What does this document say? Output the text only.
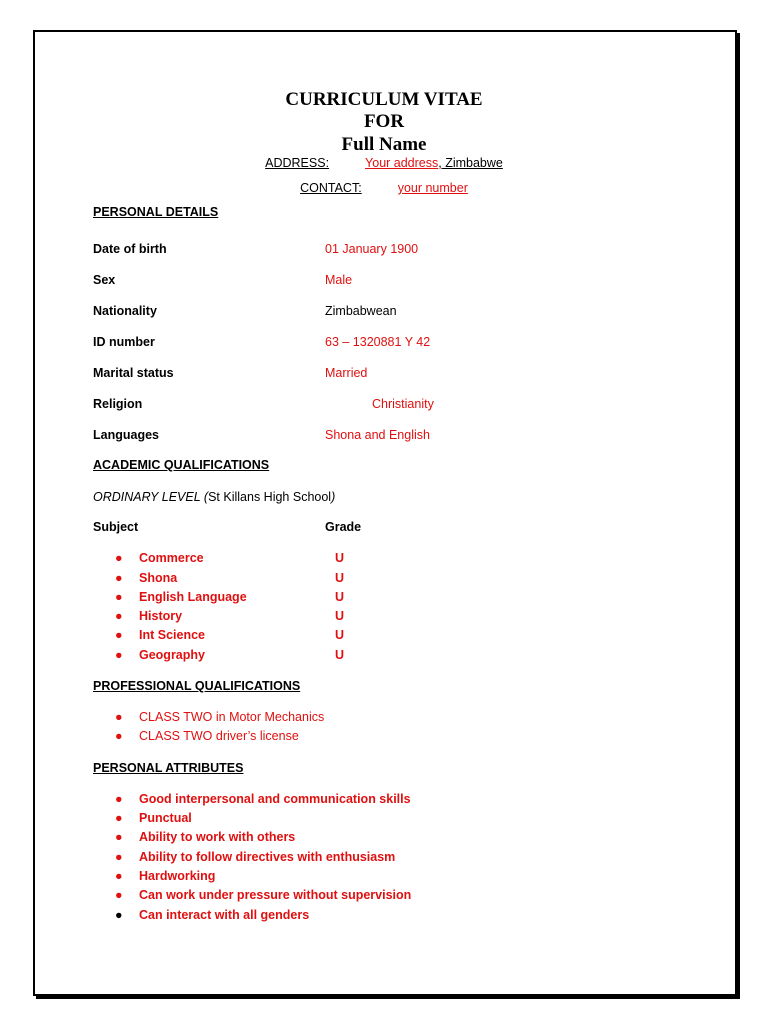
CURRICULUM VITAE
FOR
Full Name
ADDRESS:	Your address, Zimbabwe
CONTACT:	your number
PERSONAL DETAILS
Date of birth	01 January 1900
Sex	Male
Nationality	Zimbabwean
ID number	63 – 1320881 Y 42
Marital status	Married
Religion	Christianity
Languages	Shona and English
ACADEMIC QUALIFICATIONS
ORDINARY LEVEL (St Killans High School)
Subject	Grade
● Commerce	U
● Shona	U
● English Language	U
● History	U
● Int Science	U
● Geography	U
PROFESSIONAL QUALIFICATIONS
● CLASS TWO in Motor Mechanics
● CLASS TWO driver’s license
PERSONAL ATTRIBUTES
● Good interpersonal and communication skills
● Punctual
● Ability to work with others
● Ability to follow directives with enthusiasm
● Hardworking
● Can work under pressure without supervision
● Can interact with all genders
